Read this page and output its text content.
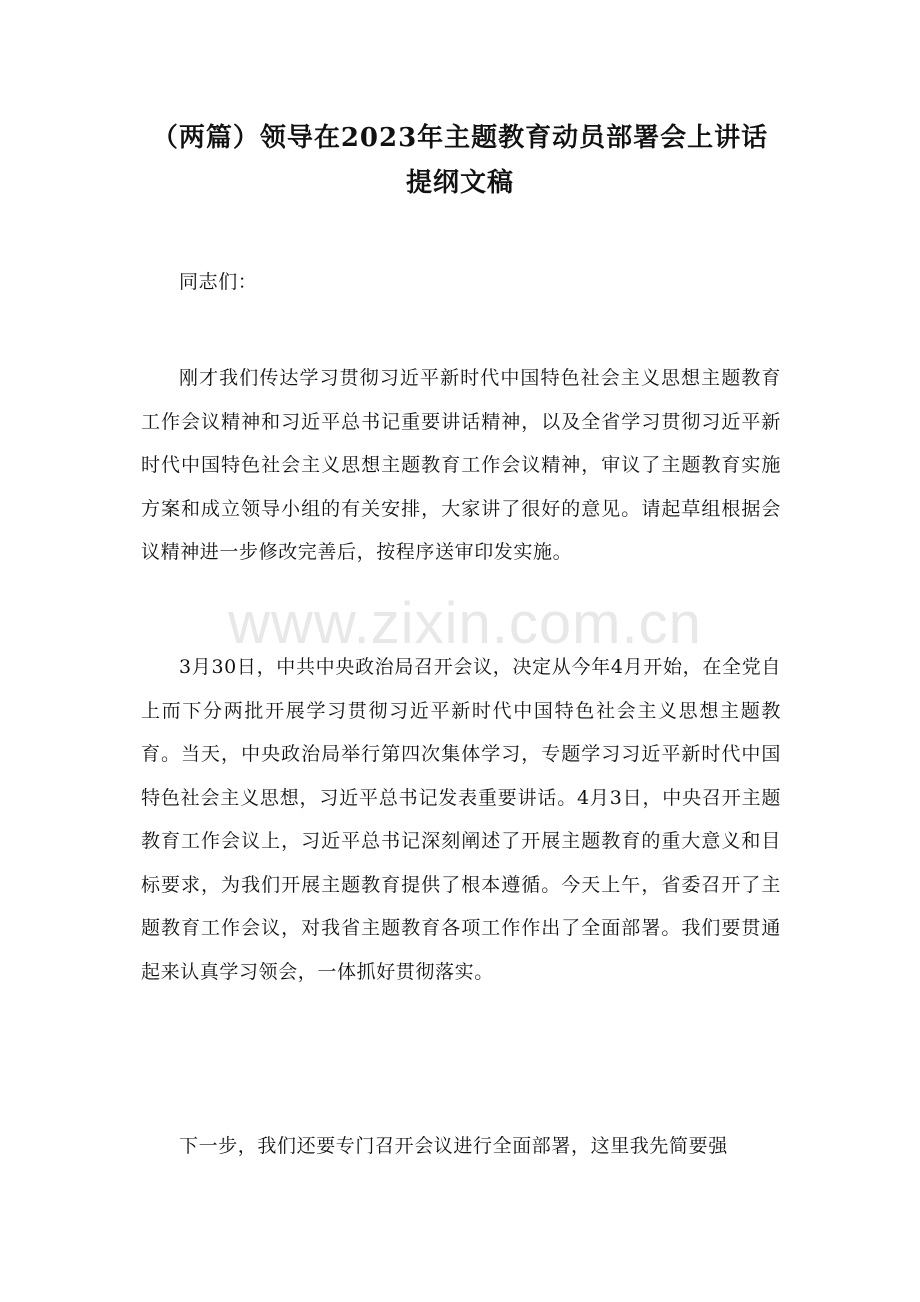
（两篇）领导在2023年主题教育动员部署会上讲话
提纲文稿

同志们：

刚才我们传达学习贯彻习近平新时代中国特色社会主义思想主题教育工作会议精神和习近平总书记重要讲话精神，以及全省学习贯彻习近平新时代中国特色社会主义思想主题教育工作会议精神，审议了主题教育实施方案和成立领导小组的有关安排，大家讲了很好的意见。请起草组根据会议精神进一步修改完善后，按程序送审印发实施。

www.zixin.com.cn

3月30日，中共中央政治局召开会议，决定从今年4月开始，在全党自上而下分两批开展学习贯彻习近平新时代中国特色社会主义思想主题教育。当天，中央政治局举行第四次集体学习，专题学习习近平新时代中国特色社会主义思想，习近平总书记发表重要讲话。4月3日，中央召开主题教育工作会议上，习近平总书记深刻阐述了开展主题教育的重大意义和目标要求，为我们开展主题教育提供了根本遵循。今天上午，省委召开了主题教育工作会议，对我省主题教育各项工作作出了全面部署。我们要贯通起来认真学习领会，一体抓好贯彻落实。

下一步，我们还要专门召开会议进行全面部署，这里我先简要强
